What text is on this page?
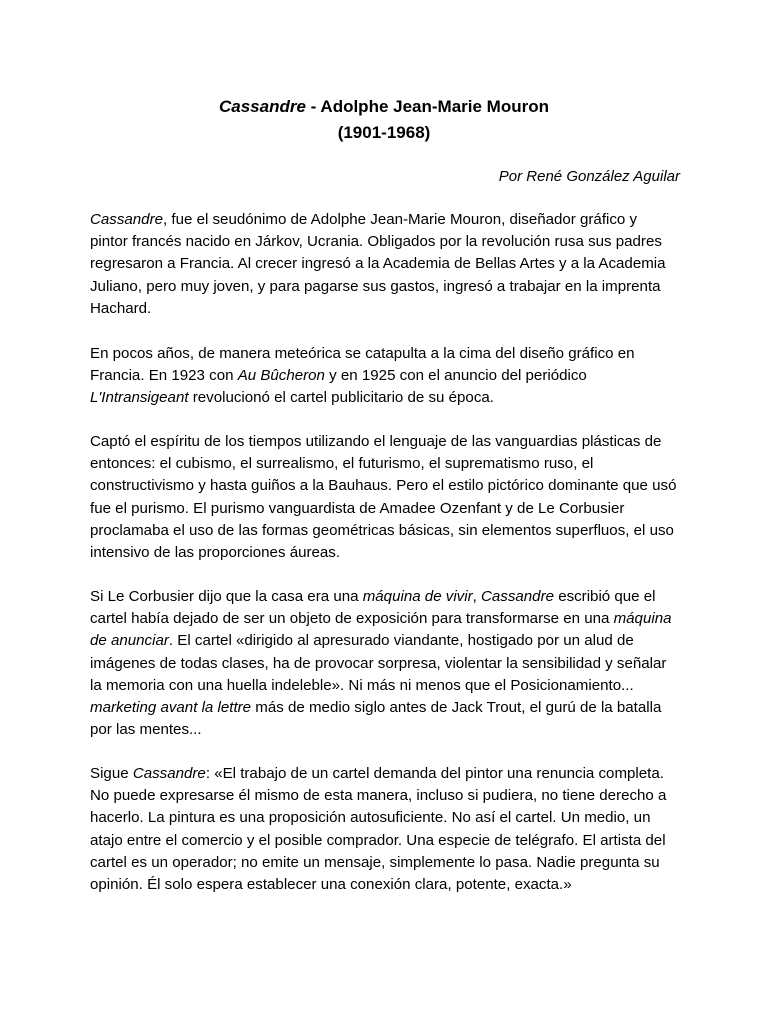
Cassandre - Adolphe Jean-Marie Mouron
(1901-1968)
Por René González Aguilar
Cassandre, fue el seudónimo de Adolphe Jean-Marie Mouron, diseñador gráfico y
pintor francés nacido en Járkov, Ucrania. Obligados por la revolución rusa sus padres
regresaron a Francia. Al crecer ingresó a la Academia de Bellas Artes y a la Academia
Juliano, pero muy joven, y para pagarse sus gastos, ingresó a trabajar en la imprenta
Hachard.
En pocos años, de manera meteórica se catapulta a la cima del diseño gráfico en
Francia. En 1923 con Au Bûcheron y en 1925 con el anuncio del periódico
L'Intransigeant revolucionó el cartel publicitario de su época.
Captó el espíritu de los tiempos utilizando el lenguaje de las vanguardias plásticas de
entonces: el cubismo, el surrealismo, el futurismo, el suprematismo ruso, el
constructivismo y hasta guiños a la Bauhaus. Pero el estilo pictórico dominante que usó
fue el purismo. El purismo vanguardista de Amadee Ozenfant y de Le Corbusier
proclamaba el uso de las formas geométricas básicas, sin elementos superfluos, el uso
intensivo de las proporciones áureas.
Si Le Corbusier dijo que la casa era una máquina de vivir, Cassandre escribió que el
cartel había dejado de ser un objeto de exposición para transformarse en una máquina
de anunciar. El cartel «dirigido al apresurado viandante, hostigado por un alud de
imágenes de todas clases, ha de provocar sorpresa, violentar la sensibilidad y señalar
la memoria con una huella indeleble». Ni más ni menos que el Posicionamiento...
marketing avant la lettre más de medio siglo antes de Jack Trout, el gurú de la batalla
por las mentes...
Sigue Cassandre: «El trabajo de un cartel demanda del pintor una renuncia completa.
No puede expresarse él mismo de esta manera, incluso si pudiera, no tiene derecho a
hacerlo. La pintura es una proposición autosuficiente. No así el cartel. Un medio, un
atajo entre el comercio y el posible comprador. Una especie de telégrafo. El artista del
cartel es un operador; no emite un mensaje, simplemente lo pasa. Nadie pregunta su
opinión. Él solo espera establecer una conexión clara, potente, exacta.»
